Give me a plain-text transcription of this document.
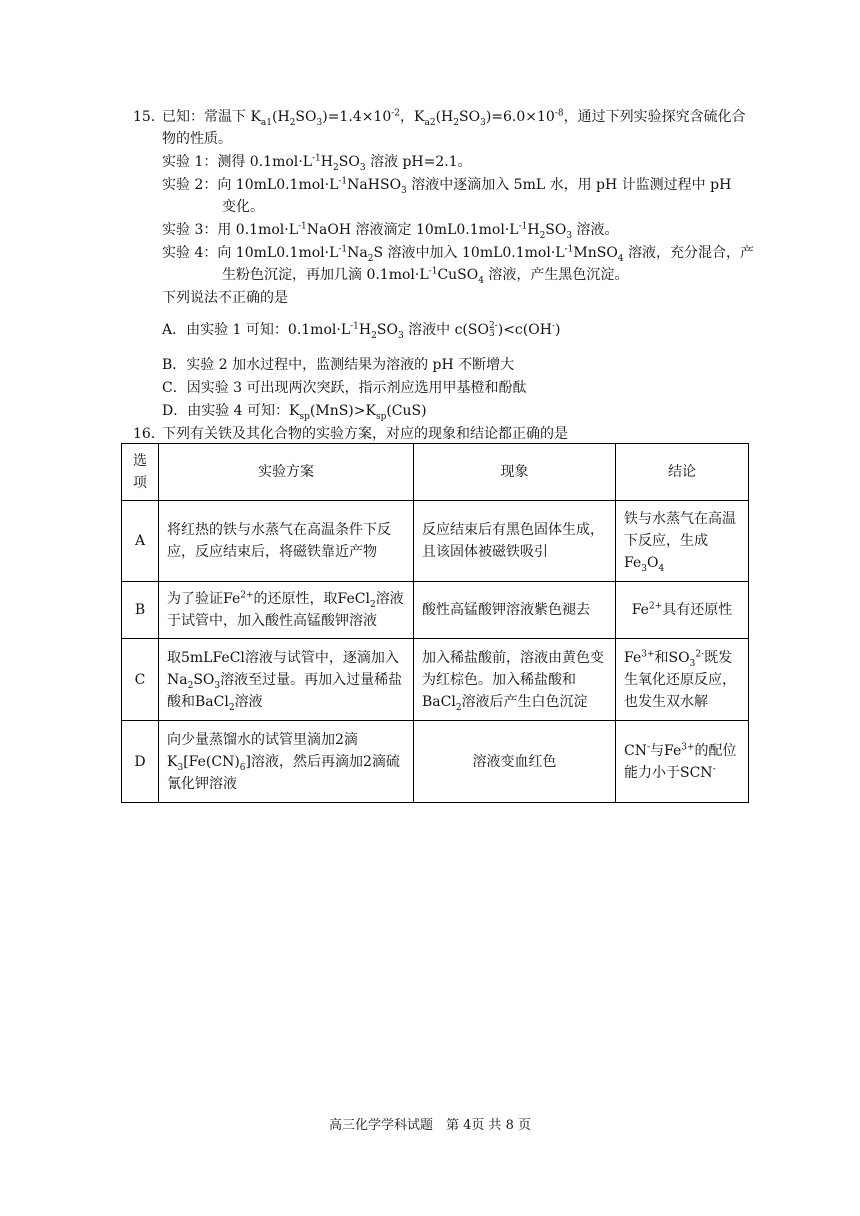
15．
已知：常温下 $K_{a1}(H_2SO_3)=1.4\times 10^{-2}$，$K_{a2}(H_2SO_3)=6.0\times 10^{-8}$，通过下列实验探究含硫化合
物的性质。
实验 1：测得 $0.1mol\cdot L^{-1}H_2SO_3$ 溶液 pH=2.1。
实验 2：向 $10mL0.1mol\cdot L^{-1}NaHSO_3$ 溶液中逐滴加入 5mL 水，用 pH 计监测过程中 pH
变化。
实验 3：用 $0.1mol\cdot L^{-1}NaOH$ 溶液滴定 $10mL0.1mol\cdot L^{-1}H_2SO_3$ 溶液。
实验 4：向 $10mL0.1mol\cdot L^{-1}Na_2S$ 溶液中加入 $10mL0.1mol\cdot L^{-1}MnSO_4$ 溶液，充分混合，产
生粉色沉淀，再加几滴 $0.1mol\cdot L^{-1}CuSO_4$ 溶液，产生黑色沉淀。
下列说法不正确的是
A．由实验 1 可知：$0.1mol\cdot L^{-1}H_2SO_3$ 溶液中 c(SO 2-
3 )<c(OH-)
B．实验 2 加水过程中，监测结果为溶液的 pH 不断增大
C．因实验 3 可出现两次突跃，指示剂应选用甲基橙和酚酞
D．由实验 4 可知：$K_{sp}(MnS)>K_{sp}(CuS)$
16．
下列有关铁及其化合物的实验方案，对应的现象和结论都正确的是
选
项	实验方案	现象	结论
A	将红热的铁与水蒸气在高温条件下反应，反应结束后，将磁铁靠近产物	反应结束后有黑色固体生成，且该固体被磁铁吸引	铁与水蒸气在高温下反应，生成$Fe_3O_4$
B	为了验证$Fe^{2+}$的还原性，取FeCl$_2$溶液于试管中，加入酸性高锰酸钾溶液	酸性高锰酸钾溶液紫色褪去	$Fe^{2+}$具有还原性
C	取5mLFeCl溶液与试管中，逐滴加入$Na_2SO_3$溶液至过量。再加入过量稀盐酸和BaCl$_2$溶液	加入稀盐酸前，溶液由黄色变为红棕色。加入稀盐酸和BaCl$_2$溶液后产生白色沉淀	$Fe^{3+}$和$SO_3^{2-}$既发生氧化还原反应，也发生双水解
D	向少量蒸馏水的试管里滴加2滴$K_3[Fe(CN)_6]$溶液，然后再滴加2滴硫氰化钾溶液	溶液变血红色	CN-与$Fe^{3+}$的配位能力小于SCN-
高三化学学科试题　第 4页 共 8 页
